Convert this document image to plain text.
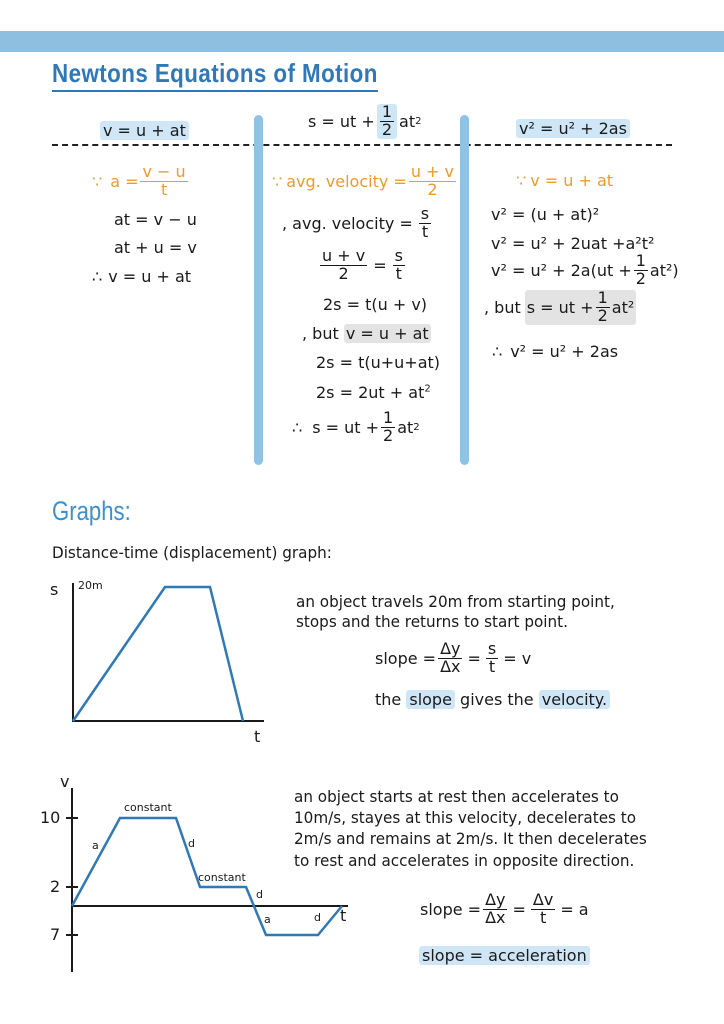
Newtons Equations of Motion
v = u + at	s = ut + $\frac{1}{2}$ at 2	v² = u² + 2as
∵ $a = \frac{v - u}{t}$
at = v − u
at + u = v
∴ v = u + at
∵ avg. velocity = $\frac{u + v}{2}$
, avg. velocity = $\frac{s}{t}$
$\frac{u + v}{2} = \frac{s}{t}$
2s = t(u + v)
, but v = u + at
2s = t(u+u+at)
$2s = 2ut + at^2$
∴ s = ut + $\frac{1}{2}$ at 2
∵ v = u + at
v² = (u + at)²
v² = u² + 2uat +a²t²
$v^2 = u^2 + 2a(ut + \frac{1}{2} at^2)$
, but s = ut + $\frac{1}{2} at^2$
∴ v² = u² + 2as
Graphs:
Distance-time (displacement) graph:
s 20m
t
an object travels 20m from starting point,
stops and the returns to start point.
slope = $\frac{\Delta y}{\Delta x} = \frac{s}{t} = v$
the slope gives the velocity.
v
10
2
7
t
constant
a	d
constant
d
a	d
an object starts at rest then accelerates to
10m/s, stayes at this velocity, decelerates to
2m/s and remains at 2m/s. It then decelerates
to rest and accelerates in opposite direction.
slope = $\frac{\Delta y}{\Delta x} = \frac{\Delta v}{t} = a$
slope = acceleration
